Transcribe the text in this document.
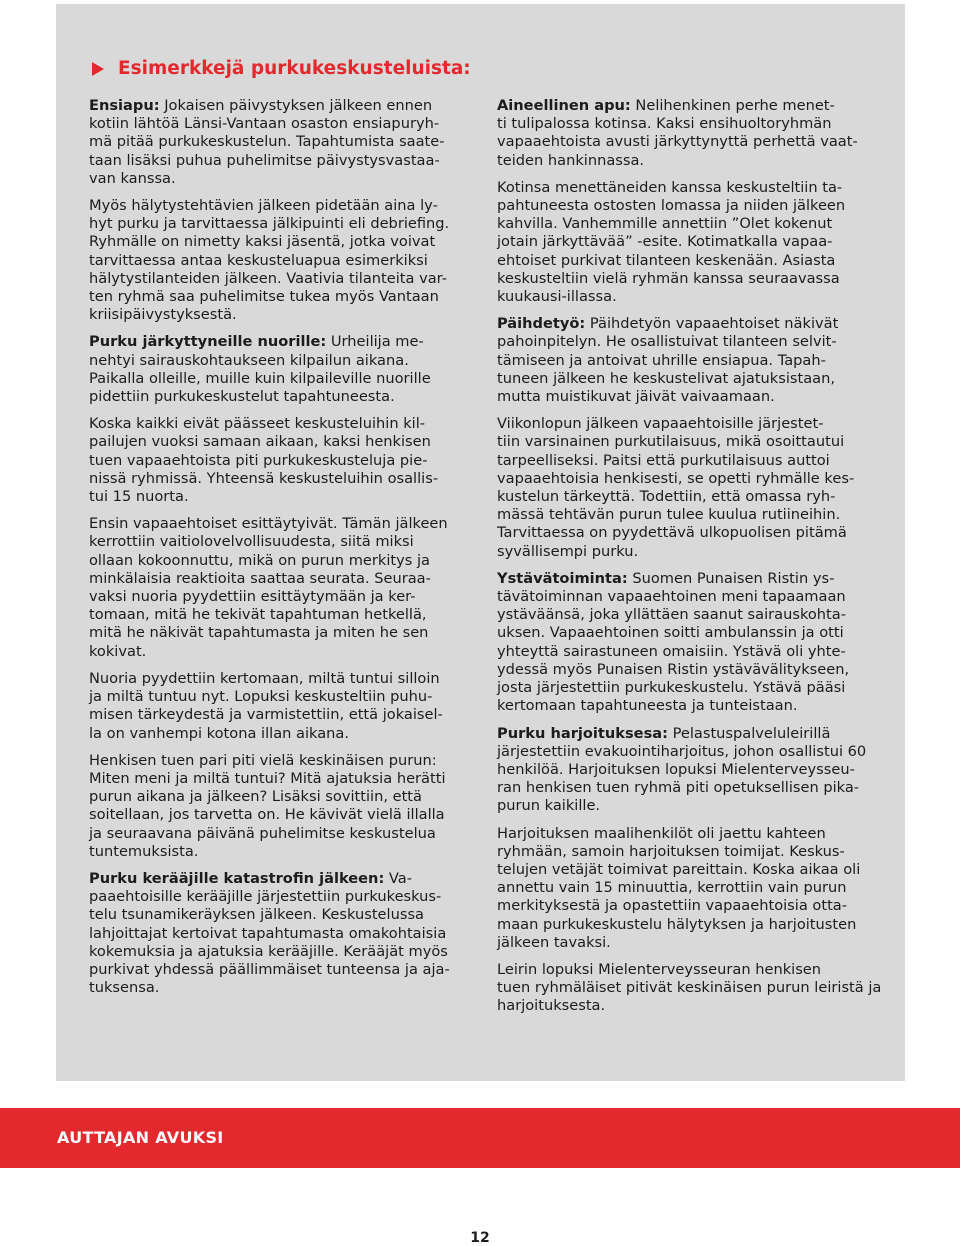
Esimerkkejä purkukeskusteluista:

Ensiapu: Jokaisen päivystyksen jälkeen ennen

kotiin lähtöä Länsi-Vantaan osaston ensiapuryh-
mä pitää purkukeskustelun. Tapahtumista saate-
taan lisäksi puhua puhelimitse päivystysvastaa-
van kanssa.

Myös hälytystehtävien jälkeen pidetään aina ly-
hyt purku ja tarvittaessa jälkipuinti eli debriefing.
Ryhmälle on nimetty kaksi jäsentä, jotka voivat
tarvittaessa antaa keskusteluapua esimerkiksi
hälytystilanteiden jälkeen. Vaativia tilanteita var-
ten ryhmä saa puhelimitse tukea myös Vantaan
kriisipäivystyksestä.

Purku järkyttyneille nuorille: Urheilija me-

nehtyi sairauskohtaukseen kilpailun aikana.
Paikalla olleille, muille kuin kilpaileville nuorille
pidettiin purkukeskustelut tapahtuneesta.

Koska kaikki eivät päässeet keskusteluihin kil-
pailujen vuoksi samaan aikaan, kaksi henkisen
tuen vapaaehtoista piti purkukeskusteluja pie-
nissä ryhmissä. Yhteensä keskusteluihin osallis-
tui 15 nuorta.

Ensin vapaaehtoiset esittäytyivät. Tämän jälkeen
kerrottiin vaitiolovelvollisuudesta, siitä miksi
ollaan kokoonnuttu, mikä on purun merkitys ja
minkälaisia reaktioita saattaa seurata. Seuraa-
vaksi nuoria pyydettiin esittäytymään ja ker-
tomaan, mitä he tekivät tapahtuman hetkellä,
mitä he näkivät tapahtumasta ja miten he sen
kokivat.

Nuoria pyydettiin kertomaan, miltä tuntui silloin
ja miltä tuntuu nyt. Lopuksi keskusteltiin puhu-
misen tärkeydestä ja varmistettiin, että jokaisel-
la on vanhempi kotona illan aikana.

Henkisen tuen pari piti vielä keskinäisen purun:
Miten meni ja miltä tuntui? Mitä ajatuksia herätti
purun aikana ja jälkeen? Lisäksi sovittiin, että
soitellaan, jos tarvetta on. He kävivät vielä illalla
ja seuraavana päivänä puhelimitse keskustelua
tuntemuksista.

Purku kerääjille katastrofin jälkeen: Va-

paaehtoisille kerääjille järjestettiin purkukeskus-
telu tsunamikeräyksen jälkeen. Keskustelussa
lahjoittajat kertoivat tapahtumasta omakohtaisia
kokemuksia ja ajatuksia kerääjille. Kerääjät myös
purkivat yhdessä päällimmäiset tunteensa ja aja-
tuksensa.

Aineellinen apu: Nelihenkinen perhe menet-

ti tulipalossa kotinsa. Kaksi ensihuoltoryhmän
vapaaehtoista avusti järkyttynyttä perhettä vaat-
teiden hankinnassa.

Kotinsa menettäneiden kanssa keskusteltiin ta-
pahtuneesta ostosten lomassa ja niiden jälkeen
kahvilla. Vanhemmille annettiin ”Olet kokenut
jotain järkyttävää” -esite. Kotimatkalla vapaa-
ehtoiset purkivat tilanteen keskenään. Asiasta
keskusteltiin vielä ryhmän kanssa seuraavassa
kuukausi-illassa.

Päihdetyö: Päihdetyön vapaaehtoiset näkivät

pahoinpitelyn. He osallistuivat tilanteen selvit-
tämiseen ja antoivat uhrille ensiapua. Tapah-
tuneen jälkeen he keskustelivat ajatuksistaan,
mutta muistikuvat jäivät vaivaamaan.

Viikonlopun jälkeen vapaaehtoisille järjestet-
tiin varsinainen purkutilaisuus, mikä osoittautui
tarpeelliseksi. Paitsi että purkutilaisuus auttoi
vapaaehtoisia henkisesti, se opetti ryhmälle kes-
kustelun tärkeyttä. Todettiin, että omassa ryh-
mässä tehtävän purun tulee kuulua rutiineihin.
Tarvittaessa on pyydettävä ulkopuolisen pitämä
syvällisempi purku.

Ystävätoiminta: Suomen Punaisen Ristin ys-

tävätoiminnan vapaaehtoinen meni tapaamaan
ystäväänsä, joka yllättäen saanut sairauskohta-
uksen. Vapaaehtoinen soitti ambulanssin ja otti
yhteyttä sairastuneen omaisiin. Ystävä oli yhte-
ydessä myös Punaisen Ristin ystävävälitykseen,
josta järjestettiin purkukeskustelu. Ystävä pääsi
kertomaan tapahtuneesta ja tunteistaan.

Purku harjoituksesa: Pelastuspalveluleirillä

järjestettiin evakuointiharjoitus, johon osallistui 60
henkilöä. Harjoituksen lopuksi Mielenterveysseu-
ran henkisen tuen ryhmä piti opetuksellisen pika-
purun kaikille.

Harjoituksen maalihenkilöt oli jaettu kahteen
ryhmään, samoin harjoituksen toimijat. Keskus-
telujen vetäjät toimivat pareittain. Koska aikaa oli
annettu vain 15 minuuttia, kerrottiin vain purun
merkityksestä ja opastettiin vapaaehtoisia otta-
maan purkukeskustelu hälytyksen ja harjoitusten
jälkeen tavaksi.

Leirin lopuksi Mielenterveysseuran henkisen
tuen ryhmäläiset pitivät keskinäisen purun leiristä ja
harjoituksesta.

AUTTAJAN AVUKSI
12
